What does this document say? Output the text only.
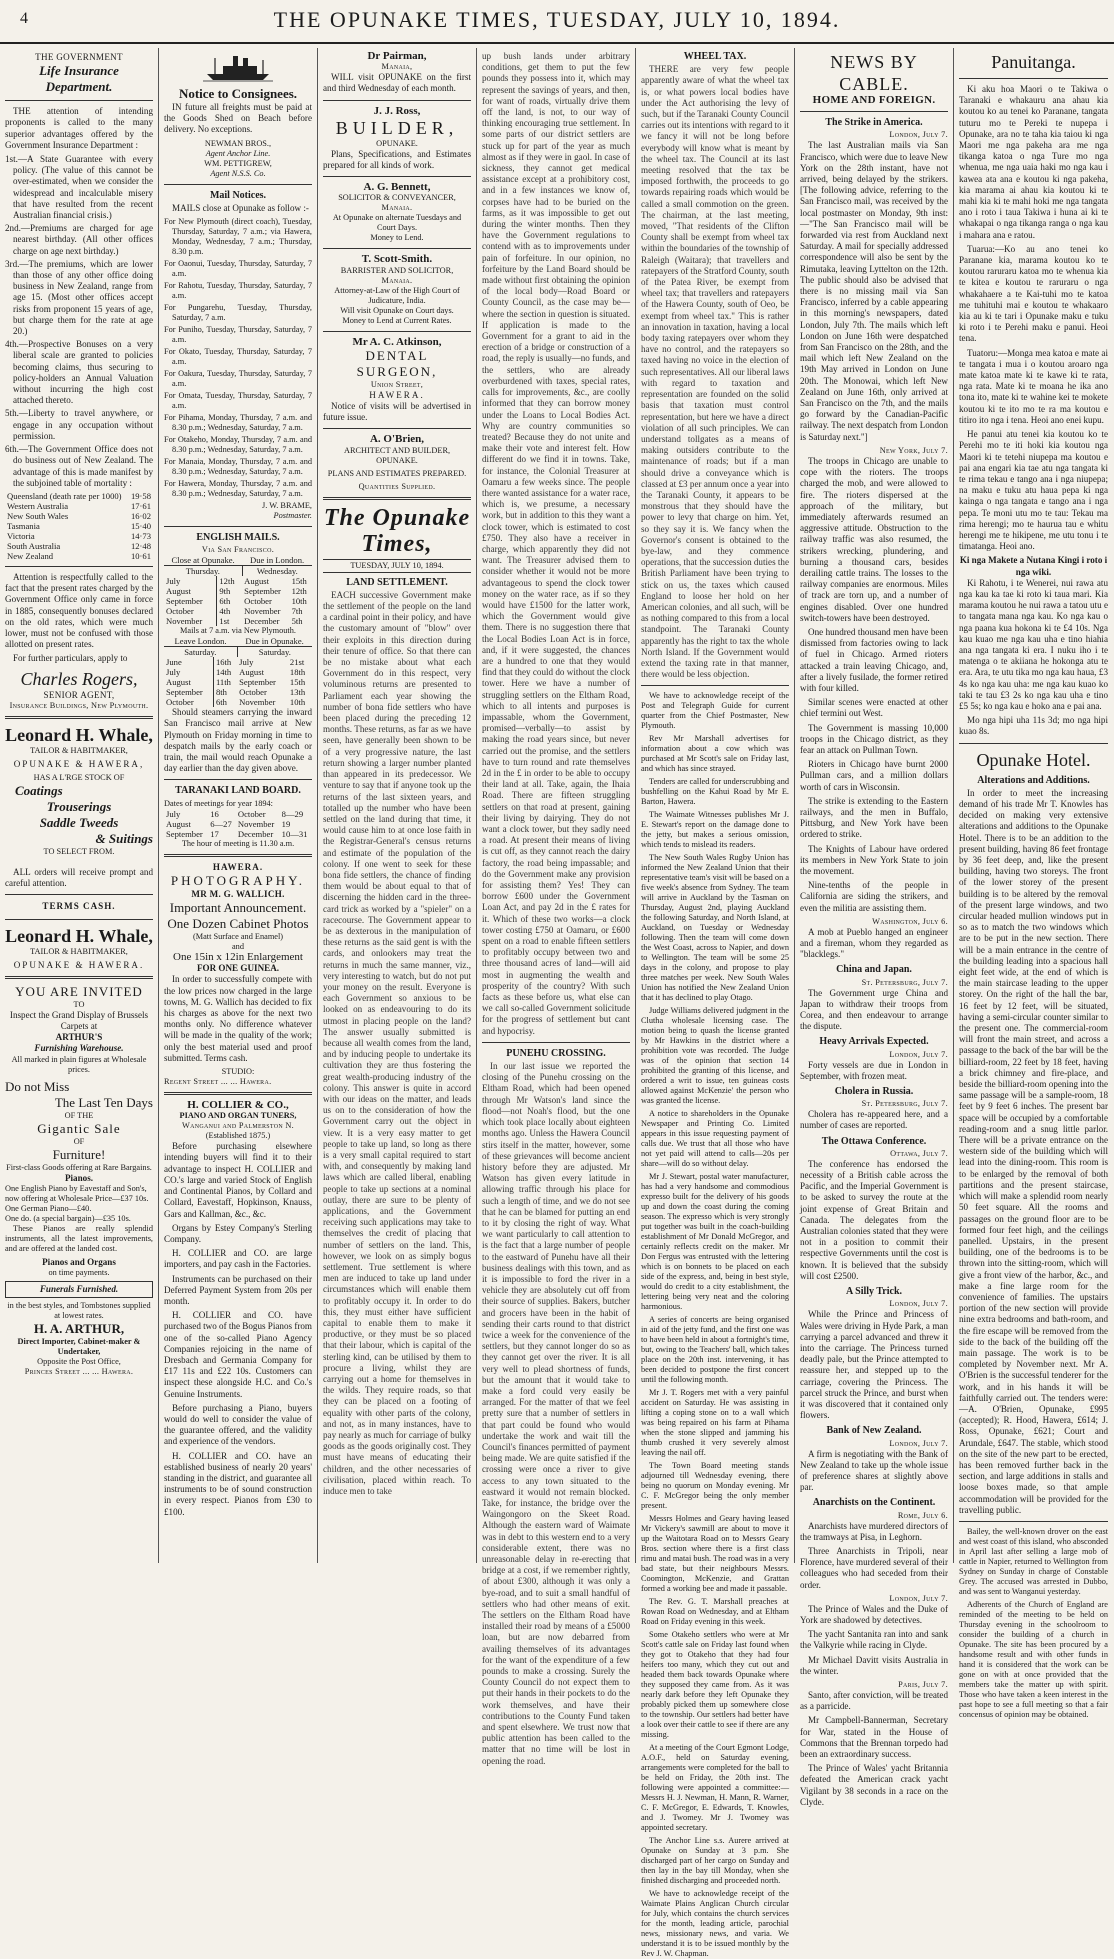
4	THE OPUNAKE TIMES, TUESDAY, JULY 10, 1894.
THE GOVERNMENT
Life Insurance Department.

THE attention of intending proponents is called to the many superior advantages offered by the Government Insurance Department :

1st.—A State Guarantee with every policy. (The value of this cannot be over-estimated, when we consider the widespread and incalculable misery that have resulted from the recent Australian financial crisis.)

2nd.—Premiums are charged for age nearest birthday. (All other offices charge on age next birthday.)

3rd.—The premiums, which are lower than those of any other office doing business in New Zealand, range from age 15. (Most other offices accept risks from proponent 15 years of age, but charge them for the rate at age 20.)

4th.—Prospective Bonuses on a very liberal scale are granted to policies becoming claims, thus securing to policy-holders an Annual Valuation without incurring the high cost attached thereto.

5th.—Liberty to travel anywhere, or engage in any occupation without permission.

6th.—The Government Office does not do business out of New Zealand. The advantage of this is made manifest by the subjoined table of mortality :

Queensland (death rate per 1000)	19·58
Western Australia	17·61
New South Wales	16·02
Tasmania	15·40
Victoria	14·73
South Australia	12·48
New Zealand	10·61

Attention is respectfully called to the fact that the present rates charged by the Government Office only came in force in 1885, consequently bonuses declared on the old rates, which were much lower, must not be confused with those allotted on present rates.

For further particulars, apply to

Charles Rogers,
SENIOR AGENT,
Insurance Buildings, New Plymouth.
Leonard H. Whale,
TAILOR & HABITMAKER,
OPUNAKE & HAWERA,
HAS A L'RGE STOCK OF
Coatings
Trouserings
Saddle Tweeds
& Suitings
TO SELECT FROM.

ALL orders will receive prompt and careful attention.

TERMS CASH.
Leonard H. Whale,
TAILOR & HABITMAKER,
OPUNAKE & HAWERA.
YOU ARE INVITED
TO
Inspect the Grand Display of Brussels Carpets at
ARTHUR'S
Furnishing Warehouse.
All marked in plain figures at Wholesale prices.
Do not Miss
The Last Ten Days
OF THE
Gigantic Sale
OF
Furniture!
First-class Goods offering at Rare Bargains.
Pianos.
One English Piano by Eavestaff and Son's, now offering at Wholesale Price—£37 10s.
One German Piano—£40.
One do. (a special bargain)—£35 10s.

These Pianos are really splendid instruments, all the latest improvements, and are offered at the landed cost.

Pianos and Organs
on time payments.
Funerals Furnished.
in the best styles, and Tombstones supplied at lowest rates.
H. A. ARTHUR,
Direct Importer, Cabinet-maker & Undertaker,
Opposite the Post Office,
Princes Street ... ... Hawera.
Notice to Consignees.

IN future all freights must be paid at the Goods Shed on Beach before delivery. No exceptions.

NEWMAN BROS.,
Agent Anchor Line.
WM. PETTIGREW,
Agent N.S.S. Co.
Mail Notices.

MAILS close at Opunake as follow :-

For New Plymouth (direct coach), Tuesday, Thursday, Saturday, 7 a.m.; via Hawera, Monday, Wednesday, 7 a.m.; Thursday, 8.30 p.m.

For Oaonui, Tuesday, Thursday, Saturday, 7 a.m.

For Rahotu, Tuesday, Thursday, Saturday, 7 a.m.

For Pungarehu, Tuesday, Thursday, Saturday, 7 a.m.

For Puniho, Tuesday, Thursday, Saturday, 7 a.m.

For Okato, Tuesday, Thursday, Saturday, 7 a.m.

For Oakura, Tuesday, Thursday, Saturday, 7 a.m.

For Omata, Tuesday, Thursday, Saturday, 7 a.m.

For Pihama, Monday, Thursday, 7 a.m. and 8.30 p.m.; Wednesday, Saturday, 7 a.m.

For Otakeho, Monday, Thursday, 7 a.m. and 8.30 p.m.; Wednesday, Saturday, 7 a.m.

For Manaia, Monday, Thursday, 7 a.m. and 8.30 p.m.; Wednesday, Saturday, 7 a.m.

For Hawera, Monday, Thursday, 7 a.m. and 8.30 p.m.; Wednesday, Saturday, 7 a.m.

J. W. BRAME,
Postmaster.
ENGLISH MAILS.
Via San Francisco.
Close at Opunake.		Due in London.	
Thursday.		Wednesday.	
July	12th	August	15th
August	9th	September	12th
September	6th	October	10th
October	4th	November	7th
November	1st	December	5th
Mails at 7 a.m. via New Plymouth.
Leave London.		Due in Opunake.	
Saturday.		Saturday.	
June	16th	July	21st
July	14th	August	18th
August	11th	September	15th
September	8th	October	13th
October	6th	November	10th

Should steamers carrying the inward San Francisco mail arrive at New Plymouth on Friday morning in time to despatch mails by the early coach or train, the mail would reach Opunake a day earlier than the day given above.

TARANAKI LAND BOARD.
Dates of meetings for year 1894:
July	16	October	8—29
August	6—27	November	19
September	17	December	10—31
The hour of meeting is 11.30 a.m.
HAWERA.
PHOTOGRAPHY.
MR M. G. WALLICH.
Important Announcement.
One Dozen Cabinet Photos
(Matt Surface and Enamel)
and
One 15in x 12in Enlargement
FOR ONE GUINEA.

In order to successfully compete with the low prices now charged in the large towns, M. G. Wallich has decided to fix his charges as above for the next two months only. No difference whatever will be made in the quality of the work; only the best material used and proof submitted. Terms cash.

STUDIO:
Regent Street ... ... Hawera.
H. COLLIER & CO.,
PIANO AND ORGAN TUNERS,
Wanganui and Palmerston N.
(Established 1875.)

Before purchasing elsewhere intending buyers will find it to their advantage to inspect H. COLLIER and CO.'s large and varied Stock of English and Continental Pianos, by Collard and Collard, Eavestaff, Hopkinson, Knauss, Gars and Kallman, &c., &c.

Organs by Estey Company's Sterling Company.

H. COLLIER and CO. are large importers, and pay cash in the Factories.

Instruments can be purchased on their Deferred Payment System from 20s per month.

H. COLLIER and CO. have purchased two of the Bogus Pianos from one of the so-called Piano Agency Companies rejoicing in the name of Dresbach and Germania Company for £17 11s and £22 10s. Customers can inspect these alongside H.C. and Co.'s Genuine Instruments.

Before purchasing a Piano, buyers would do well to consider the value of the guarantee offered, and the validity and experience of the vendors.

H. COLLIER and CO. have an established business of nearly 20 years' standing in the district, and guarantee all instruments to be of sound construction in every respect. Pianos from £30 to £100.

Dr Pairman,
Manaia,

WILL visit OPUNAKE on the first and third Wednesday of each month.

J. J. Ross,
BUILDER,
OPUNAKE.

Plans, Specifications, and Estimates prepared for all kinds of work.

A. G. Bennett,
SOLICITOR & CONVEYANCER,
Manaia.
At Opunake on alternate Tuesdays and Court Days.
Money to Lend.
T. Scott-Smith.
BARRISTER AND SOLICITOR,
Manaia.
Attorney-at-Law of the High Court of Judicature, India.
Will visit Opunake on Court days.
Money to Lend at Current Rates.
Mr A. C. Atkinson,
DENTAL SURGEON,
Union Street,
HAWERA.

Notice of visits will be advertised in future issue.

A. O'Brien,
ARCHITECT AND BUILDER,
OPUNAKE.
PLANS AND ESTIMATES PREPARED.
Quantities Supplied.
The Opunake Times,
TUESDAY, JULY 10, 1894.
LAND SETTLEMENT.

EACH successive Government make the settlement of the people on the land a cardinal point in their policy, and have the customary amount of "blow" over their exploits in this direction during their tenure of office. So that there can be no mistake about what each Government do in this respect, very voluminous returns are presented to Parliament each year showing the number of bona fide settlers who have been placed during the preceding 12 months. These returns, as far as we have seen, have generally been shown to be of a very progressive nature, the last return showing a larger number planted than appeared in its predecessor. We venture to say that if anyone took up the returns of the last sixteen years, and totalled up the number who have been settled on the land during that time, it would cause him to at once lose faith in the Registrar-General's census returns and estimate of the population of the colony. If one went to seek for these bona fide settlers, the chance of finding them would be about equal to that of discerning the hidden card in the three-card trick as worked by a "spieler" on a racecourse. The Government appear to be as dexterous in the manipulation of these returns as the said gent is with the cards, and onlookers may treat the returns in much the same manner, viz., very interesting to watch, but do not put your money on the result. Everyone is each Government so anxious to be looked on as endeavouring to do its utmost in placing people on the land? The answer usually submitted is because all wealth comes from the land, and by inducing people to undertake its cultivation they are thus fostering the great wealth-producing industry of the colony. This answer is quite in accord with our ideas on the matter, and leads us on to the consideration of how the Government carry out the object in view. It is a very easy matter to get people to take up land, so long as there is a very small capital required to start with, and consequently by making land laws which are called liberal, enabling people to take up sections at a nominal outlay, there are sure to be plenty of applications, and the Government receiving such applications may take to themselves the credit of placing that number of settlers on the land. This, however, we look on as simply bogus settlement. True settlement is where men are induced to take up land under circumstances which will enable them to profitably occupy it. In order to do this, they must either have sufficient capital to enable them to make it productive, or they must be so placed that their labour, which is capital of the sterling kind, can be utilised by them to procure a living, whilst they are carrying out a home for themselves in the wilds. They require roads, so that they can be placed on a footing of equality with other parts of the colony, and not, as in many instances, have to pay nearly as much for carriage of bulky goods as the goods originally cost. They must have means of educating their children, and the other necessaries of civilisation, placed within reach. To induce men to take

up bush lands under arbitrary conditions, get them to put the few pounds they possess into it, which may represent the savings of years, and then, for want of roads, virtually drive them off the land, is not, to our way of thinking encouraging true settlement. In some parts of our district settlers are stuck up for part of the year as much almost as if they were in gaol. In case of sickness, they cannot get medical assistance except at a prohibitory cost, and in a few instances we know of, corpses have had to be buried on the farms, as it was impossible to get out during the winter months. Then they have the Government regulations to contend with as to improvements under pain of forfeiture. In our opinion, no forfeiture by the Land Board should be made without first obtaining the opinion of the local body—Road Board or County Council, as the case may be—where the section in question is situated. If application is made to the Government for a grant to aid in the erection of a bridge or construction of a road, the reply is usually—no funds, and the settlers, who are already overburdened with taxes, special rates, calls for improvements, &c., are coolly informed that they can borrow money under the Loans to Local Bodies Act. Why are country communities so treated? Because they do not unite and make their vote and interest felt. How different do we find it in towns. Take, for instance, the Colonial Treasurer at Oamaru a few weeks since. The people there wanted assistance for a water race, which is, we presume, a necessary work, but in addition to this they want a clock tower, which is estimated to cost £750. They also have a receiver in charge, which apparently they did not want. The Treasurer advised them to consider whether it would not be more advantageous to spend the clock tower money on the water race, as if so they would have £1500 for the latter work, which the Government would give them. There is no suggestion there that the Local Bodies Loan Act is in force, and, if it were suggested, the chances are a hundred to one that they would find that they could do without the clock tower. Here we have a number of struggling settlers on the Eltham Road, which to all intents and purposes is impassable, whom the Government, promised—verbally—to assist by making the road years since, but never carried out the promise, and the settlers have to turn round and rate themselves 2d in the £ in order to be able to occupy their land at all. Take, again, the Ihaia Road. There are fifteen struggling settlers on that road at present, gaining their living by dairying. They do not want a clock tower, but they sadly need a road. At present their means of living is cut off, as they cannot reach the dairy factory, the road being impassable; and do the Government make any provision for assisting them? Yes! They can borrow £600 under the Government Loan Act, and pay 2d in the £ rates for it. Which of these two works—a clock tower costing £750 at Oamaru, or £600 spent on a road to enable fifteen settlers to profitably occupy between two and three thousand acres of land—will aid most in augmenting the wealth and prosperity of the country? With such facts as these before us, what else can we call so-called Government solicitude for the progress of settlement but cant and hypocrisy.

PUNEHU CROSSING.

In our last issue we reported the closing of the Punehu crossing on the Eltham Road, which had been opened through Mr Watson's land since the flood—not Noah's flood, but the one which took place locally about eighteen months ago. Unless the Hawera Council stirs itself in the matter, however, some of these grievances will become ancient history before they are adjusted. Mr Watson has given every latitude in allowing traffic through his place for such a length of time, and we do not see that he can be blamed for putting an end to it by closing the right of way. What we want particularly to call attention to is the fact that a large number of people to the eastward of Punehu have all their business dealings with this town, and as it is impossible to ford the river in a vehicle they are absolutely cut off from their source of supplies. Bakers, butcher and grocers have been in the habit of sending their carts round to that district twice a week for the convenience of the settlers, but they cannot longer do so as they cannot get over the river. It is all very well to plead shortness of funds, but the amount that it would take to make a ford could very easily be arranged. For the matter of that we feel pretty sure that a number of settlers in that part could be found who would undertake the work and wait till the Council's finances permitted of payment being made. We are quite satisfied if the crossing were once a river to give access to any town situated to the eastward it would not remain blocked. Take, for instance, the bridge over the Waingongoro on the Skeet Road. Although the eastern ward of Waimate was in debt to this western end to a very considerable extent, there was no unreasonable delay in re-erecting that bridge at a cost, if we remember rightly, of about £300, although it was only a bye-road, and to suit a small handful of settlers who had other means of exit. The settlers on the Eltham Road have installed their road by means of a £5000 loan, but are now debarred from availing themselves of its advantages for the want of the expenditure of a few pounds to make a crossing. Surely the County Council do not expect them to put their hands in their pockets to do the work themselves, and have their contributions to the County Fund taken and spent elsewhere. We trust now that public attention has been called to the matter that no time will be lost in opening the road.

WHEEL TAX.

THERE are very few people apparently aware of what the wheel tax is, or what powers local bodies have under the Act authorising the levy of such, but if the Taranaki County Council carries out its intentions with regard to it we fancy it will not be long before everybody will know what is meant by the wheel tax. The Council at its last meeting resolved that the tax be imposed forthwith, the proceeds to go towards repairing roads which would be called a small commotion on the green. The chairman, at the last meeting, moved, "That residents of the Clifton County shall be exempt from wheel tax within the boundaries of the township of Raleigh (Waitara); that travellers and ratepayers of the Stratford County, south of the Patea River, be exempt from wheel tax; that travellers and ratepayers of the Hawera County, south of Oeo, be exempt from wheel tax." This is rather an innovation in taxation, having a local body taxing ratepayers over whom they have no control, and the ratepayers so taxed having no voice in the election of such representatives. All our liberal laws with regard to taxation and representation are founded on the solid basis that taxation must control representation, but here we have a direct violation of all such principles. We can understand tollgates as a means of making outsiders contribute to the maintenance of roads; but if a man should drive a conveyance which is classed at £3 per annum once a year into the Taranaki County, it appears to be monstrous that they should have the power to levy that charge on him. Yet, so they say it is. We fancy when the Governor's consent is obtained to the bye-law, and they commence operations, that the succession duties the British Parliament have been trying to stick on us, the taxes which caused England to loose her hold on her American colonies, and all such, will be as nothing compared to this from a local standpoint. The Taranaki County apparently has the right to tax the whole North Island. If the Government would extend the taxing rate in that manner, there would be less objection.

We have to acknowledge receipt of the Post and Telegraph Guide for current quarter from the Chief Postmaster, New Plymouth.

Rev Mr Marshall advertises for information about a cow which was purchased at Mr Scott's sale on Friday last, and which has since strayed.

Tenders are called for underscrubbing and bushfelling on the Kahui Road by Mr E. Barton, Hawera.

The Waimate Witnesses publishes Mr J. E. Stewart's report on the damage done to the jetty, but makes a serious omission, which tends to mislead its readers.

The New South Wales Rugby Union has informed the New Zealand Union that their representative team's visit will be based on a five week's absence from Sydney. The team will arrive in Auckland by the Tasman on Thursday, August 2nd, playing Auckland the following Saturday, and North Island, at Auckland, on Tuesday or Wednesday following. Then the team will come down the West Coast, across to Napier, and down to Wellington. The team will be some 25 days in the colony, and propose to play three matches per week. New South Wales Union has notified the New Zealand Union that it has declined to play Otago.

Judge Williams delivered judgment in the Clutha wholesale licensing case. The motion being to quash the license granted by Mr Hawkins in the district where a prohibition vote was recorded. The Judge was of the opinion that section 14 prohibited the granting of this license, and ordered a writ to issue, ten guineas costs allowed against McKenzie' the person who was granted the license.

A notice to shareholders in the Opunake Newspaper and Printing Co. Limited appears in this issue requesting payment of calls due. We trust that all those who have not yet paid will attend to calls—20s per share—will do so without delay.

Mr J. Stewart, postal water manufacturer, has had a very handsome and commodious expresso built for the delivery of his goods up and down the coast during the coming season. The expresso which is very strongly put together was built in the coach-building establishment of Mr Donald McGregor, and certainly reflects credit on the maker. Mr Don Fergus was entrusted with the lettering which is on bonnets to be placed on each side of the express, and, being in best style, would do credit to a city establishment, the lettering being very neat and the coloring harmonious.

A series of concerts are being organised in aid of the jetty fund, and the first one was to have been held in about a fortnight's time, but, owing to the Teachers' ball, which takes place on the 20th inst. intervening, it has been decided to postpone the first concert until the following month.

Mr J. T. Rogers met with a very painful accident on Saturday. He was assisting in lifting a coping stone on to a wall which was being repaired on his farm at Pihama when the stone slipped and jamming his thumb crushed it very severely almost leaving the nail off.

The Town Board meeting stands adjourned till Wednesday evening, there being no quorum on Monday evening. Mr C. F. McGregor being the only member present.

Messrs Holmes and Geary having leased Mr Vickery's sawmill are about to move it up the Waitotara Road on to Messrs Geary Bros. section where there is a first class rimu and matai bush. The road was in a very bad state, but their neighbours Messrs. Coomington, McKenzie, and Grattan formed a working bee and made it passable.

The Rev. G. T. Marshall preaches at Rowan Road on Wednesday, and at Eltham Road on Friday evening in this week.

Some Otakeho settlers who were at Mr Scott's cattle sale on Friday last found when they got to Otakeho that they had four heifers too many, which they cut out and headed them back towards Opunake where they supposed they came from. As it was nearly dark before they left Opunake they probably picked them up somewhere close to the township. Our settlers had better have a look over their cattle to see if there are any missing.

At a meeting of the Court Egmont Lodge, A.O.F., held on Saturday evening, arrangements were completed for the ball to be held on Friday, the 20th inst. The following were appointed a committee:—Messrs H. J. Newman, H. Mann, R. Warner, C. F. McGregor, E. Edwards, T. Knowles, and J. Twomey. Mr J. Twomey was appointed secretary.

The Anchor Line s.s. Aurere arrived at Opunake on Sunday at 3 p.m. She discharged part of her cargo on Sunday and then lay in the bay till Monday, when she finished discharging and proceeded north.

We have to acknowledge receipt of the Waimate Plains Anglican Church circular for July, which contains the church services for the month, leading article, parochial news, missionary news, and varia. We understand it is to be issued monthly by the Rev J. W. Chapman.

NEWS BY CABLE.
HOME AND FOREIGN.
The Strike in America.
London, July 7.

The last Australian mails via San Francisco, which were due to leave New York on the 28th instant, have not arrived, being delayed by the strikers. [The following advice, referring to the San Francisco mail, was received by the local postmaster on Monday, 9th inst:—"The San Francisco mail will be forwarded via rest from Auckland next Saturday. A mail for specially addressed correspondence will also be sent by the Rimutaka, leaving Lyttelton on the 12th. The public should also be advised that there is no missing mail via San Francisco, inferred by a cable appearing in this morning's newspapers, dated London, July 7th. The mails which left London on June 16th were despatched from San Francisco on the 28th, and the mail which left New Zealand on the 19th May arrived in London on June 20th. The Monowai, which left New Zealand on June 16th, only arrived at San Francisco on the 7th, and the mails go forward by the Canadian-Pacific railway. The next despatch from London is Saturday next."]

New York, July 7.

The troops in Chicago are unable to cope with the rioters. The troops charged the mob, and were allowed to fire. The rioters dispersed at the approach of the military, but immediately afterwards resumed an aggressive attitude. Obstruction to the railway traffic was also resumed, the strikers wrecking, plundering, and burning a thousand cars, besides derailing cattle trains. The losses to the railway companies are enormous. Miles of track are torn up, and a number of engines disabled. Over one hundred switch-towers have been destroyed.

One hundred thousand men have been dismissed from factories owing to lack of fuel in Chicago. Armed rioters attacked a train leaving Chicago, and, after a lively fusilade, the former retired with four killed.

Similar scenes were enacted at other chief termini out West.

The Government is massing 10,000 troops in the Chicago district, as they fear an attack on Pullman Town.

Rioters in Chicago have burnt 2000 Pullman cars, and a million dollars worth of cars in Wisconsin.

The strike is extending to the Eastern railways, and the men in Buffalo, Pittsburg, and New York have been ordered to strike.

The Knights of Labour have ordered its members in New York State to join the movement.

Nine-tenths of the people in California are siding the strikers, and even the militia are assisting them.

Washington, July 6.

A mob at Pueblo hanged an engineer and a fireman, whom they regarded as "blacklegs."

China and Japan.
St. Petersburg, July 7.

The Government urge China and Japan to withdraw their troops from Corea, and then endeavour to arrange the dispute.

Heavy Arrivals Expected.
London, July 7.

Forty vessels are due in London in September, with frozen meat.

Cholera in Russia.
St. Petersburg, July 7.

Cholera has re-appeared here, and a number of cases are reported.

The Ottawa Conference.
Ottawa, July 7.

The conference has endorsed the necessity of a British cable across the Pacific, and the Imperial Government is to be asked to survey the route at the joint expense of Great Britain and Canada. The delegates from the Australian colonies stated that they were not in a position to commit their respective Governments until the cost is known. It is believed that the subsidy will cost £2500.

A Silly Trick.
London, July 7.

While the Prince and Princess of Wales were driving in Hyde Park, a man carrying a parcel advanced and threw it into the carriage. The Princess turned deadly pale, but the Prince attempted to reassure her, and stepped up to the carriage, covering the Princess. The parcel struck the Prince, and burst when it was discovered that it contained only flowers.

Bank of New Zealand.
London, July 7.

A firm is negotiating with the Bank of New Zealand to take up the whole issue of preference shares at slightly above par.

Anarchists on the Continent.
Rome, July 6.

Anarchists have murdered directors of the tramways at Pisa, in Leghorn.

Three Anarchists in Tripoli, near Florence, have murdered several of their colleagues who had seceded from their order.

London, July 7.

The Prince of Wales and the Duke of York are shadowed by detectives.

The yacht Santanita ran into and sank the Valkyrie while racing in Clyde.

Mr Michael Davitt visits Australia in the winter.

Paris, July 7.

Santo, after conviction, will be treated as a parricide.

Mr Campbell-Bannerman, Secretary for War, stated in the House of Commons that the Brennan torpedo had been an extraordinary success.

The Prince of Wales' yacht Britannia defeated the American crack yacht Vigilant by 38 seconds in a race on the Clyde.

Panuitanga.

Ki aku hoa Maori o te Takiwa o Taranaki e whakauru ana ahau kia koutou ko au tenei ko Paranane, tangata tuturu mo te Pereki te nupepa i Opunake, ara no te taha kia taiou ki nga Maori me nga pakeha ara me nga tikanga katoa o nga Ture mo nga whenua, me nga uaia haki mo nga kau i kawea ata ana e koutou ki nga pakeha, kia marama ai ahau kia koutou ki te mahi kia ki te mahi hoki me nga tangata ano i roto i taua Takiwa i huna ai ki te whakapai o nga tikanga ranga o nga kau i mahara ana e ratou.

Tuarua:—Ko au ano tenei ko Paranane kia, marama koutou ko te koutou raruraru katoa mo te whenua kia te kitea e koutou te raruraru o nga whakahaere a te Kai-tuhi mo te katoa me tuhituhi mai e koutou te whakaaro kia au ki te tari i Opunake maku e tuku ki roto i te Perehi maku e panui. Heoi tena.

Tuatoru:—Monga mea katoa e mate ai te tangata i mua i o koutou aroaro nga mate katoa mate ki te kawe ki te rata, nga rata. Mate ki te moana he ika ano tona ito, mate ki te wahine kei te mokete koutou ki te ito mo te ra ma koutou e titiro ito nga i tena. Heoi ano enei kupu.

He panui atu tenei kia koutou ko te Perehi mo te iti hoki kia koutou nga Maori ki te tetehi niupepa ma koutou e pai ana engari kia tae atu nga tangata ki te rima tekau e tango ana i nga niupepa; na maku e tuku atu haua pepa ki nga kainga o nga tangata e tango ana i nga pepa. Te moni utu mo te tau: Tekau ma rima herengi; mo te haurua tau e whitu herengi me te hikipene, me utu tonu i te timatanga. Heoi ano.

Ki nga Makete a Nutana Kingi i roto i nga wiki.

Ki Rahotu, i te Wenerei, nui rawa atu nga kau ka tae ki roto ki taua mari. Kia marama koutou he nui rawa a tatou utu e to tangata mana nga kau. Ko nga kau o nga paana kua hokona ki te £4 10s. Nga kau kuao me nga kau uha e tino hiahia ana nga tangata ki era. I nuku iho i te matenga o te akiiana he hokonga atu te era. Ara, te utu tika mo nga kau haua, £3 4s ko nga kau uha: me nga kau kuao ko taki te tau £3 2s ko nga kau uha e tino £5 5s; ko nga kau e hoko ana e pai ana.

Mo nga hipi uha 11s 3d; mo nga hipi kuao 8s.

Opunake Hotel.
Alterations and Additions.

In order to meet the increasing demand of his trade Mr T. Knowles has decided on making very extensive alterations and additions to the Opunake Hotel. There is to be an addition to the present building, having 86 feet frontage by 36 feet deep, and, like the present building, having two storeys. The front of the lower storey of the present building is to be altered by the removal of the present large windows, and two circular headed mullion windows put in so as to match the two windows which are to be put in the new section. There will be a main entrance in the centre of the building leading into a spacious hall eight feet wide, at the end of which is the main staircase leading to the upper storey. On the right of the hall the bar, 16 feet by 12 feet, will be situated, having a semi-circular counter similar to the present one. The commercial-room will front the main street, and across a passage to the back of the bar will be the billiard-room, 22 feet by 18 feet, having a brick chimney and fire-place, and beside the billiard-room opening into the same passage will be a sample-room, 18 feet by 9 feet 6 inches. The present bar space will be occupied by a comfortable reading-room and a snug little parlor. There will be a private entrance on the western side of the building which will lead into the dining-room. This room is to be enlarged by the removal of both partitions and the present staircase, which will make a splendid room nearly 50 feet square. All the rooms and passages on the ground floor are to be formed four feet high, and the ceilings panelled. Upstairs, in the present building, one of the bedrooms is to be thrown into the sitting-room, which will give a front view of the harbor, &c., and make a fine large room for the convenience of families. The upstairs portion of the new section will provide nine extra bedrooms and bath-room, and the fire escape will be removed from the side to the back of the building off the main passage. The work is to be completed by November next. Mr A. O'Brien is the successful tenderer for the work, and in his hands it will be faithfully carried out. The tenders were:—A. O'Brien, Opunake, £995 (accepted); R. Hood, Hawera, £614; J. Ross, Opunake, £621; Court and Arundale, £647. The stable, which stood on the site of the new part to be erected, has been removed further back in the section, and large additions in stalls and loose boxes made, so that ample accommodation will be provided for the travelling public.

Bailey, the well-known drover on the east and west coast of this island, who absconded in April last after selling a large mob of cattle in Napier, returned to Wellington from Sydney on Sunday in charge of Constable Grey. The accused was arrested in Dubbo, and was sent to Wanganui yesterday.

Adherents of the Church of England are reminded of the meeting to be held on Thursday evening in the schoolroom to consider the building of a church in Opunake. The site has been procured by a handsome result and with other funds in hand it is considered that the work can be gone on with at once provided that the members take the matter up with spirit. Those who have taken a keen interest in the past hope to see a full meeting so that a fair concensus of opinion may be obtained.
